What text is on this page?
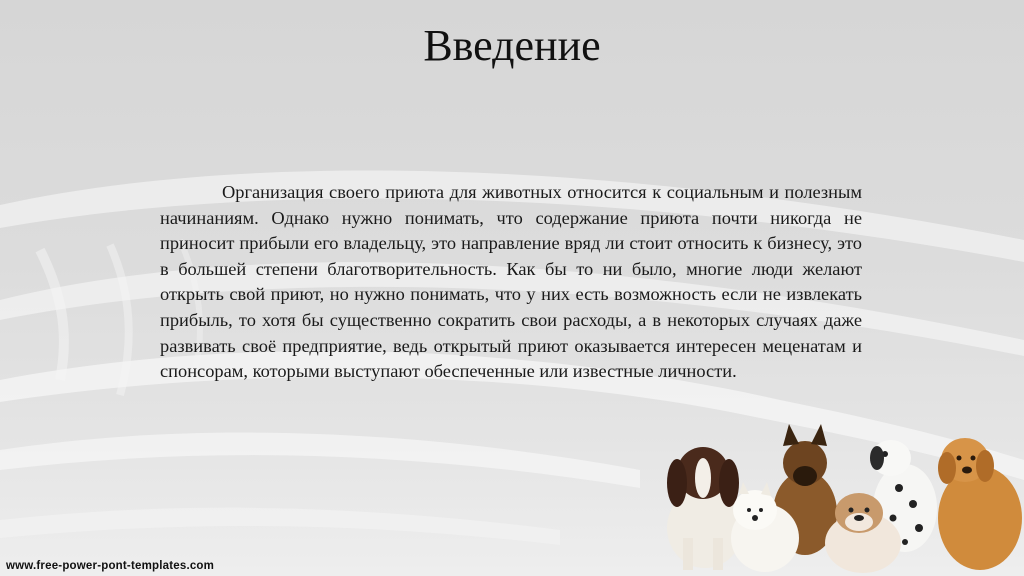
Введение

Организация своего приюта для животных относится к социальным и полезным начинаниям. Однако нужно понимать, что содержание приюта почти никогда не приносит прибыли его владельцу, это направление вряд ли стоит относить к бизнесу, это в большей степени благотворительность. Как бы то ни было, многие люди желают открыть свой приют, но нужно понимать, что у них есть возможность если не извлекать прибыль, то хотя бы существенно сократить свои расходы, а в некоторых случаях даже развивать своё предприятие, ведь открытый приют оказывается интересен меценатам и спонсорам, которыми выступают обеспеченные или известные личности.

www.free-power-pont-templates.com
